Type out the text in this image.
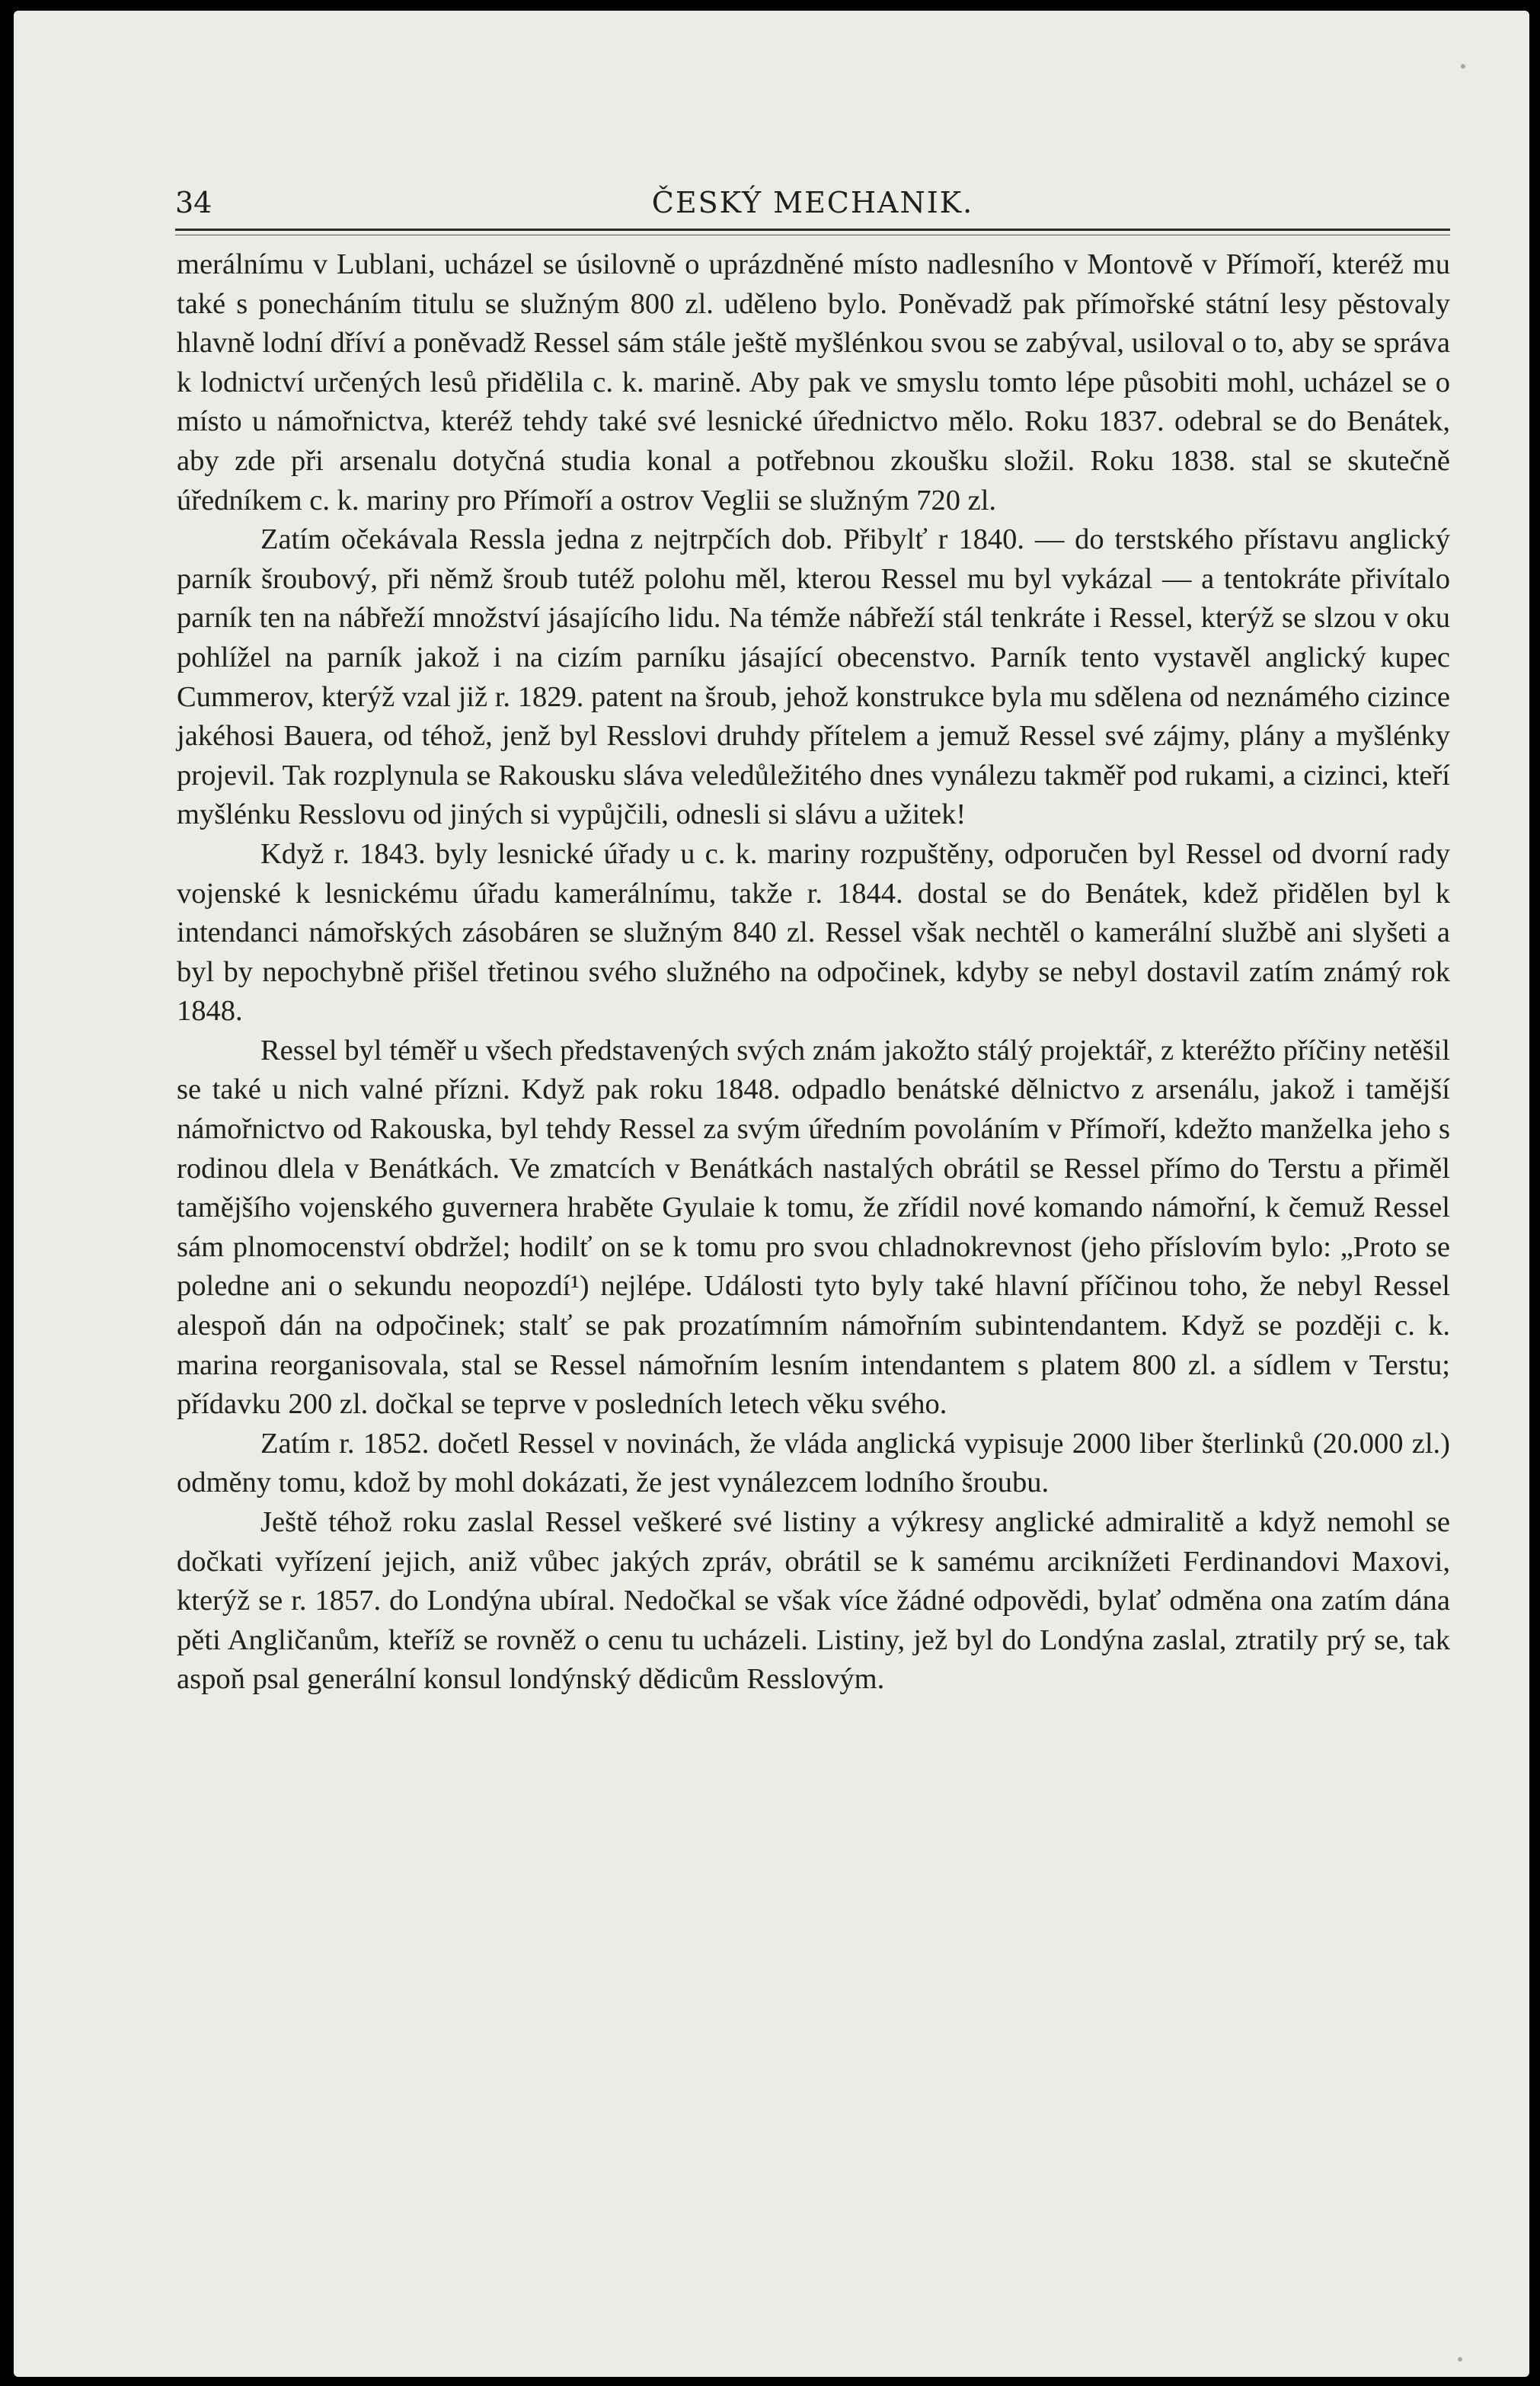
34	ČESKÝ MECHANIK.

merálnímu v Lublani, ucházel se úsilovně o uprázdněné místo nadlesního v Montově v Přímoří, kteréž mu také s ponecháním titulu se služným 800 zl. uděleno bylo. Poněvadž pak přímořské státní lesy pěstovaly hlavně lodní dříví a poněvadž Ressel sám stále ještě myšlénkou svou se zabýval, usiloval o to, aby se správa k lodnictví určených lesů přidělila c. k. marině. Aby pak ve smyslu tomto lépe působiti mohl, ucházel se o místo u námořnictva, kteréž tehdy také své lesnické úřednictvo mělo. Roku 1837. odebral se do Benátek, aby zde při arsenalu dotyčná studia konal a potřebnou zkoušku složil. Roku 1838. stal se skutečně úředníkem c. k. mariny pro Přímoří a ostrov Veglii se služným 720 zl.

Zatím očekávala Ressla jedna z nejtrpčích dob. Přibylť r 1840. — do terstského přístavu anglický parník šroubový, při němž šroub tutéž polohu měl, kterou Ressel mu byl vykázal — a tentokráte přivítalo parník ten na nábřeží množství jásajícího lidu. Na témže nábřeží stál tenkráte i Ressel, kterýž se slzou v oku pohlížel na parník jakož i na cizím parníku jásající obecenstvo. Parník tento vystavěl anglický kupec Cummerov, kterýž vzal již r. 1829. patent na šroub, jehož konstrukce byla mu sdělena od neznámého cizince jakéhosi Bauera, od téhož, jenž byl Resslovi druhdy přítelem a jemuž Ressel své zájmy, plány a myšlénky projevil. Tak rozplynula se Rakousku sláva veledůležitého dnes vynálezu takměř pod rukami, a cizinci, kteří myšlénku Resslovu od jiných si vypůjčili, odnesli si slávu a užitek!

Když r. 1843. byly lesnické úřady u c. k. mariny rozpuštěny, odporučen byl Ressel od dvorní rady vojenské k lesnickému úřadu kamerálnímu, takže r. 1844. dostal se do Benátek, kdež přidělen byl k intendanci námořských zásobáren se služným 840 zl. Ressel však nechtěl o kamerální službě ani slyšeti a byl by nepochybně přišel třetinou svého služného na odpočinek, kdyby se nebyl dostavil zatím známý rok 1848.

Ressel byl téměř u všech představených svých znám jakožto stálý projektář, z kteréžto příčiny netěšil se také u nich valné přízni. Když pak roku 1848. odpadlo benátské dělnictvo z arsenálu, jakož i tamější námořnictvo od Rakouska, byl tehdy Ressel za svým úředním povoláním v Přímoří, kdežto manželka jeho s rodinou dlela v Benátkách. Ve zmatcích v Benátkách nastalých obrátil se Ressel přímo do Terstu a přiměl tamějšího vojenského guvernera hraběte Gyulaie k tomu, že zřídil nové komando námořní, k čemuž Ressel sám plnomocenství obdržel; hodilť on se k tomu pro svou chladnokrevnost (jeho příslovím bylo: „Proto se poledne ani o sekundu neopozdí¹) nejlépe. Události tyto byly také hlavní příčinou toho, že nebyl Ressel alespoň dán na odpočinek; stalť se pak prozatímním námořním subintendantem. Když se později c. k. marina reorganisovala, stal se Ressel námořním lesním intendantem s platem 800 zl. a sídlem v Terstu; přídavku 200 zl. dočkal se teprve v posledních letech věku svého.

Zatím r. 1852. dočetl Ressel v novinách, že vláda anglická vypisuje 2000 liber šterlinků (20.000 zl.) odměny tomu, kdož by mohl dokázati, že jest vynálezcem lodního šroubu.

Ještě téhož roku zaslal Ressel veškeré své listiny a výkresy anglické admiralitě a když nemohl se dočkati vyřízení jejich, aniž vůbec jakých zpráv, obrátil se k samému arciknížeti Ferdinandovi Maxovi, kterýž se r. 1857. do Londýna ubíral. Nedočkal se však více žádné odpovědi, bylať odměna ona zatím dána pěti Angličanům, kteříž se rovněž o cenu tu ucházeli. Listiny, jež byl do Londýna zaslal, ztratily prý se, tak aspoň psal generální konsul londýnský dědicům Resslovým.
